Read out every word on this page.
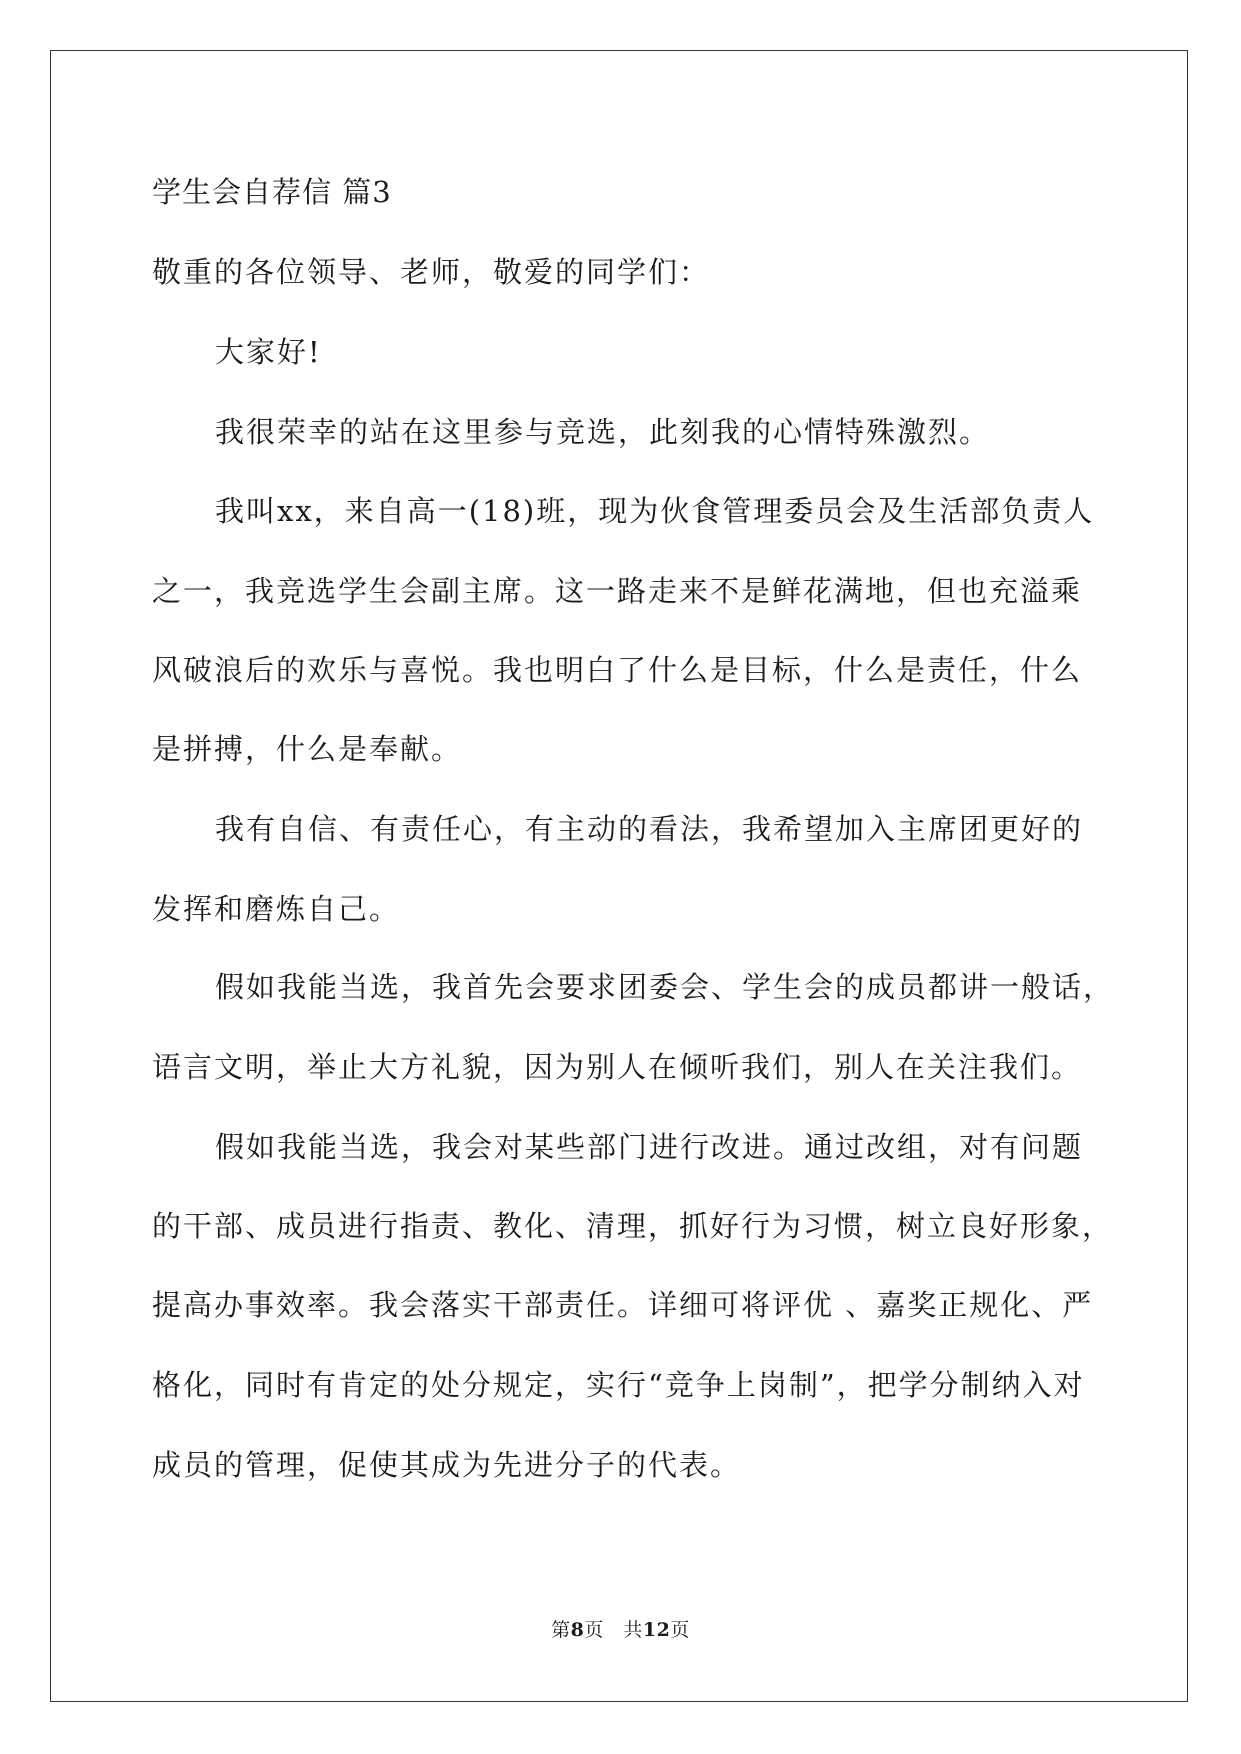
学生会自荐信 篇3
敬重的各位领导、老师，敬爱的同学们：
大家好!
我很荣幸的站在这里参与竞选，此刻我的心情特殊激烈。
我叫xx，来自高一(18)班，现为伙食管理委员会及生活部负责人
之一，我竞选学生会副主席。这一路走来不是鲜花满地，但也充溢乘
风破浪后的欢乐与喜悦。我也明白了什么是目标，什么是责任，什么
是拼搏，什么是奉献。
我有自信、有责任心，有主动的看法，我希望加入主席团更好的
发挥和磨炼自己。
假如我能当选，我首先会要求团委会、学生会的成员都讲一般话，
语言文明，举止大方礼貌，因为别人在倾听我们，别人在关注我们。
假如我能当选，我会对某些部门进行改进。通过改组，对有问题
的干部、成员进行指责、教化、清理，抓好行为习惯，树立良好形象，
提高办事效率。我会落实干部责任。详细可将评优 、嘉奖正规化、严
格化，同时有肯定的处分规定，实行“竞争上岗制”，把学分制纳入对
成员的管理，促使其成为先进分子的代表。
第8页　共12页
